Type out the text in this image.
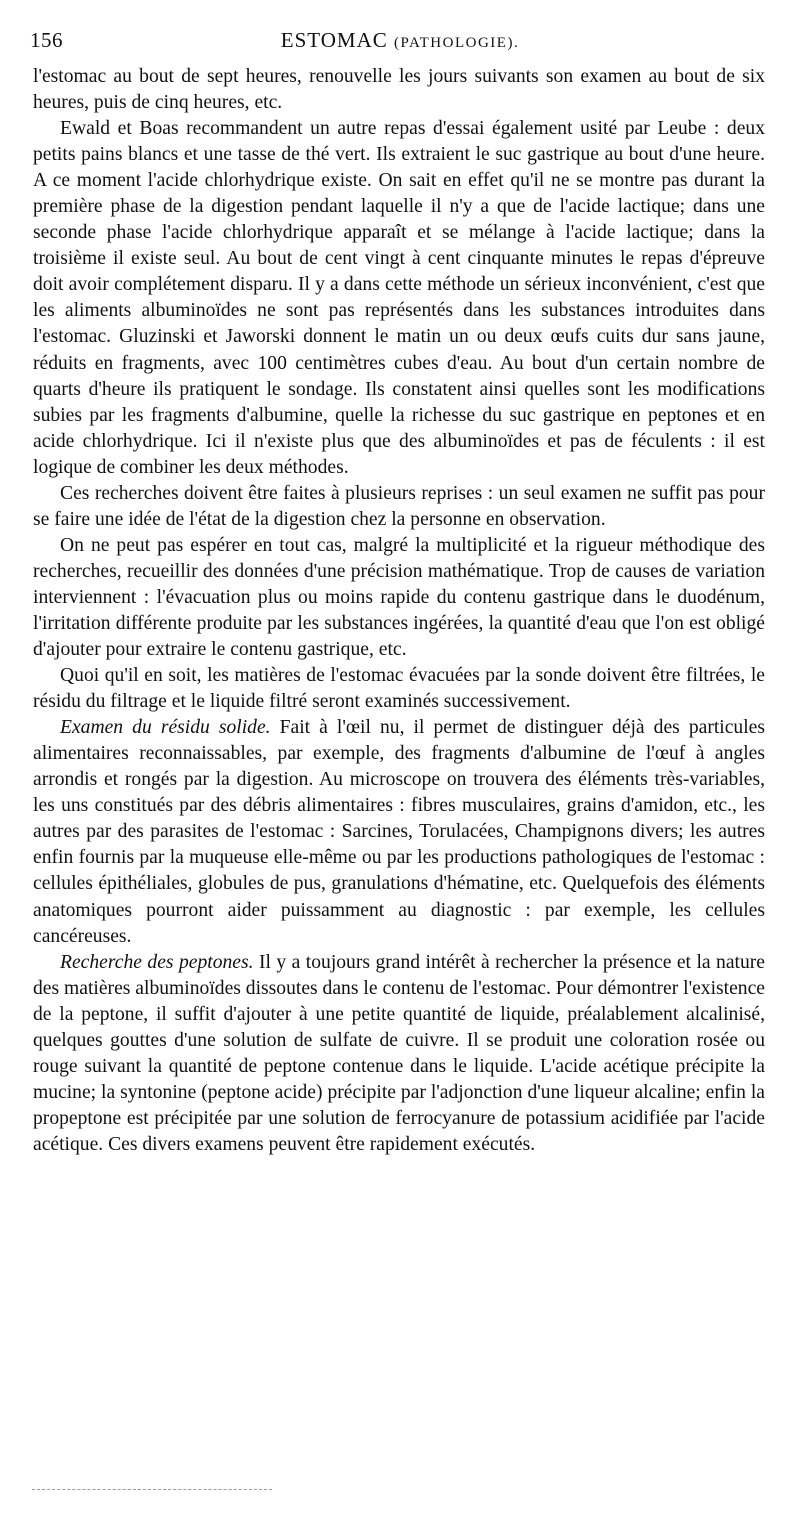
156	ESTOMAC (PATHOLOGIE).

l'estomac au bout de sept heures, renouvelle les jours suivants son examen au bout de six heures, puis de cinq heures, etc.

Ewald et Boas recommandent un autre repas d'essai également usité par Leube : deux petits pains blancs et une tasse de thé vert. Ils extraient le suc gastrique au bout d'une heure. A ce moment l'acide chlorhydrique existe. On sait en effet qu'il ne se montre pas durant la première phase de la digestion pendant laquelle il n'y a que de l'acide lactique; dans une seconde phase l'acide chlorhydrique apparaît et se mélange à l'acide lactique; dans la troisième il existe seul. Au bout de cent vingt à cent cinquante minutes le repas d'épreuve doit avoir complétement disparu. Il y a dans cette méthode un sérieux inconvénient, c'est que les aliments albuminoïdes ne sont pas représentés dans les substances introduites dans l'estomac. Gluzinski et Jaworski donnent le matin un ou deux œufs cuits dur sans jaune, réduits en fragments, avec 100 centimètres cubes d'eau. Au bout d'un certain nombre de quarts d'heure ils pratiquent le sondage. Ils constatent ainsi quelles sont les modifications subies par les fragments d'albumine, quelle la richesse du suc gastrique en peptones et en acide chlorhydrique. Ici il n'existe plus que des albuminoïdes et pas de féculents : il est logique de combiner les deux méthodes.

Ces recherches doivent être faites à plusieurs reprises : un seul examen ne suffit pas pour se faire une idée de l'état de la digestion chez la personne en observation.

On ne peut pas espérer en tout cas, malgré la multiplicité et la rigueur méthodique des recherches, recueillir des données d'une précision mathématique. Trop de causes de variation interviennent : l'évacuation plus ou moins rapide du contenu gastrique dans le duodénum, l'irritation différente produite par les substances ingérées, la quantité d'eau que l'on est obligé d'ajouter pour extraire le contenu gastrique, etc.

Quoi qu'il en soit, les matières de l'estomac évacuées par la sonde doivent être filtrées, le résidu du filtrage et le liquide filtré seront examinés successivement.

Examen du résidu solide. Fait à l'œil nu, il permet de distinguer déjà des particules alimentaires reconnaissables, par exemple, des fragments d'albumine de l'œuf à angles arrondis et rongés par la digestion. Au microscope on trouvera des éléments très-variables, les uns constitués par des débris alimentaires : fibres musculaires, grains d'amidon, etc., les autres par des parasites de l'estomac : Sarcines, Torulacées, Champignons divers; les autres enfin fournis par la muqueuse elle-même ou par les productions pathologiques de l'estomac : cellules épithéliales, globules de pus, granulations d'hématine, etc. Quelquefois des éléments anatomiques pourront aider puissamment au diagnostic : par exemple, les cellules cancéreuses.

Recherche des peptones. Il y a toujours grand intérêt à rechercher la présence et la nature des matières albuminoïdes dissoutes dans le contenu de l'estomac. Pour démontrer l'existence de la peptone, il suffit d'ajouter à une petite quantité de liquide, préalablement alcalinisé, quelques gouttes d'une solution de sulfate de cuivre. Il se produit une coloration rosée ou rouge suivant la quantité de peptone contenue dans le liquide. L'acide acétique précipite la mucine; la syntonine (peptone acide) précipite par l'adjonction d'une liqueur alcaline; enfin la propeptone est précipitée par une solution de ferrocyanure de potassium acidifiée par l'acide acétique. Ces divers examens peuvent être rapidement exécutés.
